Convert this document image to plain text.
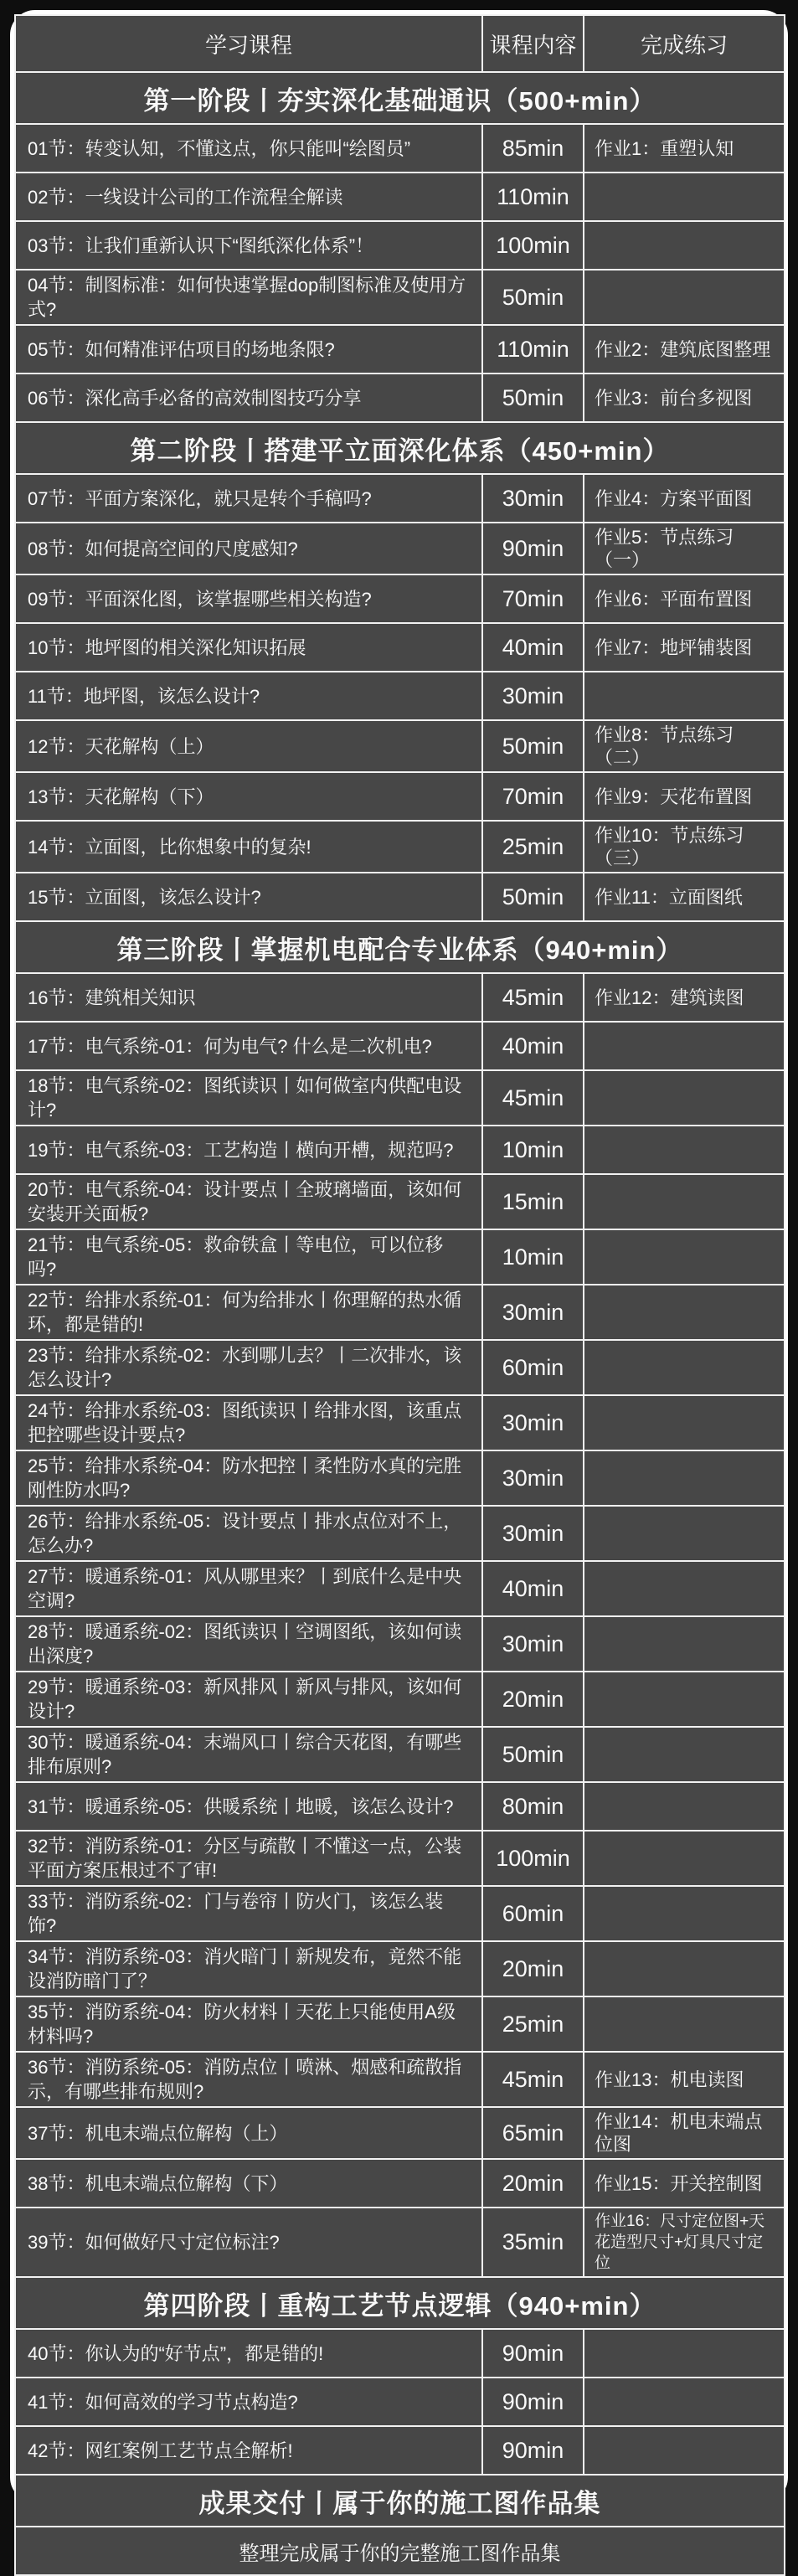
学习课程	课程内容	完成练习
第一阶段丨夯实深化基础通识（500+min）		
01节：转变认知，不懂这点，你只能叫“绘图员”	85min	作业1：重塑认知
02节：一线设计公司的工作流程全解读	110min	
03节：让我们重新认识下“图纸深化体系”！	100min	
04节：制图标准：如何快速掌握dop制图标准及使用方式?	50min	
05节：如何精准评估项目的场地条限?	110min	作业2：建筑底图整理
06节：深化高手必备的高效制图技巧分享	50min	作业3：前台多视图
第二阶段丨搭建平立面深化体系（450+min）		
07节：平面方案深化，就只是转个手稿吗?	30min	作业4：方案平面图
08节：如何提高空间的尺度感知?	90min	作业5：节点练习（一）
09节：平面深化图，该掌握哪些相关构造?	70min	作业6：平面布置图
10节：地坪图的相关深化知识拓展	40min	作业7：地坪铺装图
11节：地坪图，该怎么设计?	30min	
12节：天花解构（上）	50min	作业8：节点练习（二）
13节：天花解构（下）	70min	作业9：天花布置图
14节：立面图，比你想象中的复杂!	25min	作业10：节点练习（三）
15节：立面图，该怎么设计?	50min	作业11：立面图纸
第三阶段丨掌握机电配合专业体系（940+min）		
16节：建筑相关知识	45min	作业12：建筑读图
17节：电气系统-01：何为电气? 什么是二次机电?	40min	
18节：电气系统-02：图纸读识丨如何做室内供配电设计?	45min	
19节：电气系统-03：工艺构造丨横向开槽，规范吗?	10min	
20节：电气系统-04：设计要点丨全玻璃墙面，该如何安装开关面板?	15min	
21节：电气系统-05：救命铁盒丨等电位，可以位移吗?	10min	
22节：给排水系统-01：何为给排水丨你理解的热水循环，都是错的!	30min	
23节：给排水系统-02：水到哪儿去？丨二次排水，该怎么设计?	60min	
24节：给排水系统-03：图纸读识丨给排水图，该重点把控哪些设计要点?	30min	
25节：给排水系统-04：防水把控丨柔性防水真的完胜刚性防水吗?	30min	
26节：给排水系统-05：设计要点丨排水点位对不上，怎么办?	30min	
27节：暖通系统-01：风从哪里来？丨到底什么是中央空调?	40min	
28节：暖通系统-02：图纸读识丨空调图纸，该如何读出深度?	30min	
29节：暖通系统-03：新风排风丨新风与排风，该如何设计?	20min	
30节：暖通系统-04：末端风口丨综合天花图，有哪些排布原则?	50min	
31节：暖通系统-05：供暖系统丨地暖，该怎么设计?	80min	
32节：消防系统-01：分区与疏散丨不懂这一点，公装平面方案压根过不了审!	100min	
33节：消防系统-02：门与卷帘丨防火门，该怎么装饰?	60min	
34节：消防系统-03：消火暗门丨新规发布，竟然不能设消防暗门了？	20min	
35节：消防系统-04：防火材料丨天花上只能使用A级材料吗?	25min	
36节：消防系统-05：消防点位丨喷淋、烟感和疏散指示，有哪些排布规则?	45min	作业13：机电读图
37节：机电末端点位解构（上）	65min	作业14：机电末端点位图
38节：机电末端点位解构（下）	20min	作业15：开关控制图
39节：如何做好尺寸定位标注?	35min	作业16：尺寸定位图+天花造型尺寸+灯具尺寸定位
第四阶段丨重构工艺节点逻辑（940+min）		
40节：你认为的“好节点”，都是错的!	90min	
41节：如何高效的学习节点构造?	90min	
42节：网红案例工艺节点全解析!	90min	
成果交付丨属于你的施工图作品集		
整理完成属于你的完整施工图作品集		
